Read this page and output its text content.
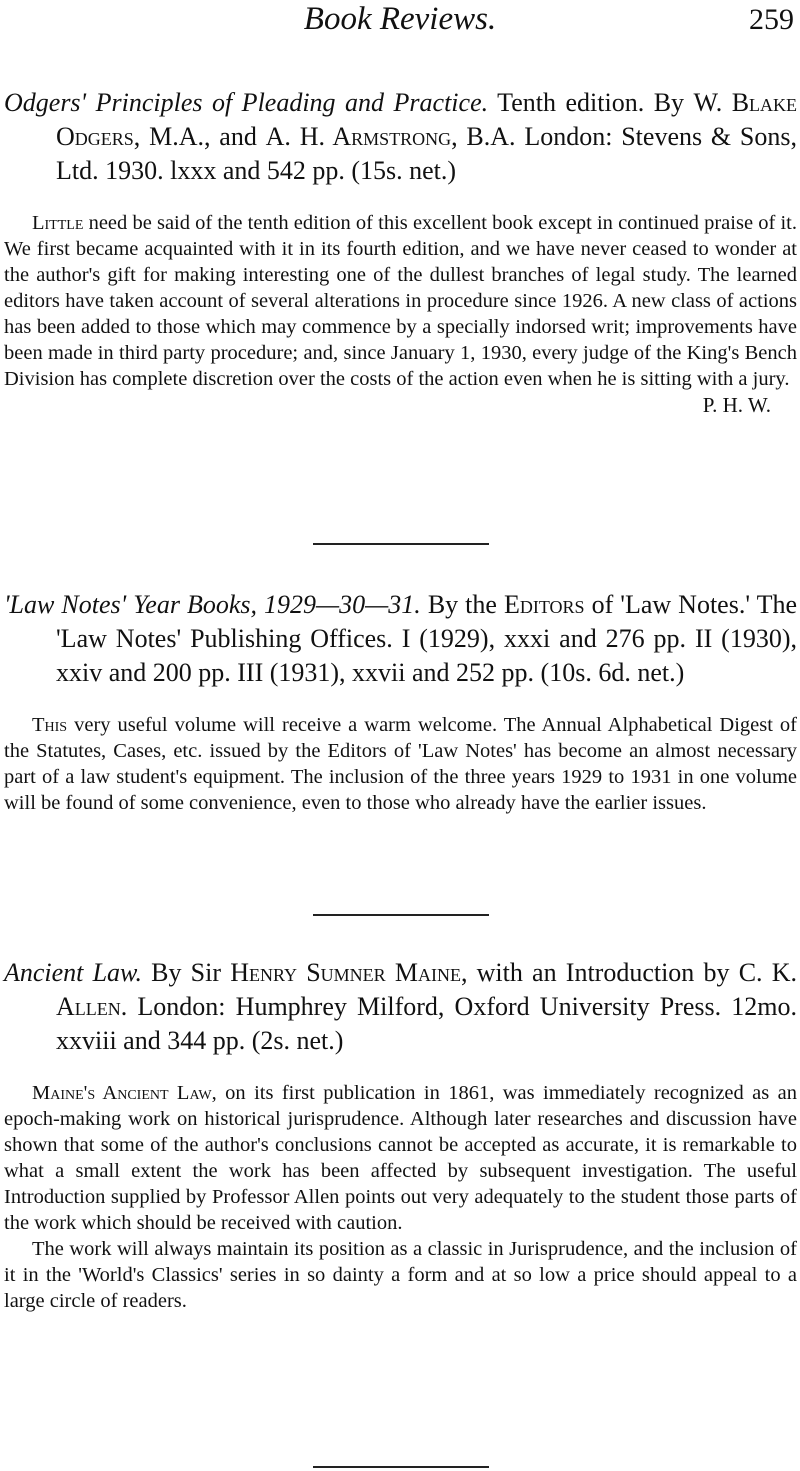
Book Reviews.	259

Odgers' Principles of Pleading and Practice. Tenth edition. By W. Blake Odgers, M.A., and A. H. Armstrong, B.A. London: Stevens & Sons, Ltd. 1930. lxxx and 542 pp. (15s. net.)

Little need be said of the tenth edition of this excellent book except in continued praise of it. We first became acquainted with it in its fourth edition, and we have never ceased to wonder at the author's gift for making interesting one of the dullest branches of legal study. The learned editors have taken account of several alterations in procedure since 1926. A new class of actions has been added to those which may commence by a specially indorsed writ; improvements have been made in third party procedure; and, since January 1, 1930, every judge of the King's Bench Division has complete discretion over the costs of the action even when he is sitting with a jury.

P. H. W.

'Law Notes' Year Books, 1929—30—31. By the Editors of 'Law Notes.' The 'Law Notes' Publishing Offices. I (1929), xxxi and 276 pp. II (1930), xxiv and 200 pp. III (1931), xxvii and 252 pp. (10s. 6d. net.)

This very useful volume will receive a warm welcome. The Annual Alphabetical Digest of the Statutes, Cases, etc. issued by the Editors of 'Law Notes' has become an almost necessary part of a law student's equipment. The inclusion of the three years 1929 to 1931 in one volume will be found of some convenience, even to those who already have the earlier issues.

Ancient Law. By Sir Henry Sumner Maine, with an Introduction by C. K. Allen. London: Humphrey Milford, Oxford University Press. 12mo. xxviii and 344 pp. (2s. net.)

Maine's Ancient Law, on its first publication in 1861, was immediately recognized as an epoch-making work on historical jurisprudence. Although later researches and discussion have shown that some of the author's conclusions cannot be accepted as accurate, it is remarkable to what a small extent the work has been affected by subsequent investigation. The useful Introduction supplied by Professor Allen points out very adequately to the student those parts of the work which should be received with caution.

The work will always maintain its position as a classic in Jurisprudence, and the inclusion of it in the 'World's Classics' series in so dainty a form and at so low a price should appeal to a large circle of readers.
